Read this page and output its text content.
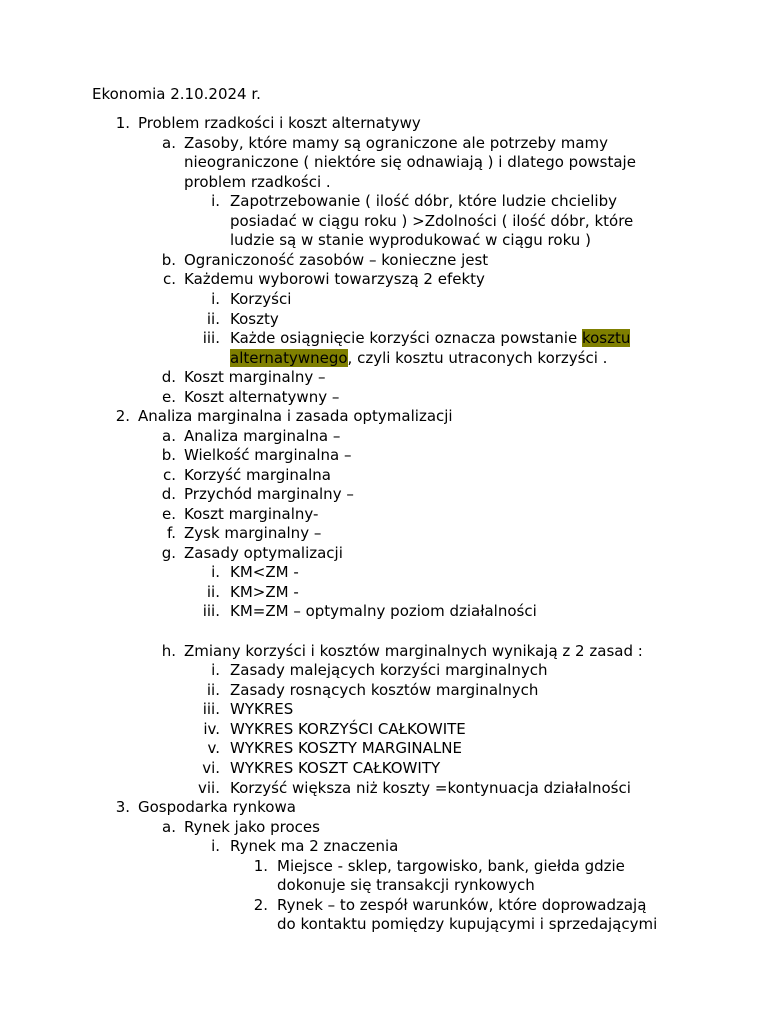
Ekonomia 2.10.2024 r.
1. Problem rzadkości i koszt alternatywy
a. Zasoby, które mamy są ograniczone ale potrzeby mamy
nieograniczone ( niektóre się odnawiają ) i dlatego powstaje
problem rzadkości .
i. Zapotrzebowanie ( ilość dóbr, które ludzie chcieliby
posiadać w ciągu roku ) >Zdolności ( ilość dóbr, które
ludzie są w stanie wyprodukować w ciągu roku )
b. Ograniczoność zasobów – konieczne jest
c. Każdemu wyborowi towarzyszą 2 efekty
i. Korzyści
ii. Koszty
iii. Każde osiągnięcie korzyści oznacza powstanie kosztu
alternatywnego, czyli kosztu utraconych korzyści .
d. Koszt marginalny –
e. Koszt alternatywny –
2. Analiza marginalna i zasada optymalizacji
a. Analiza marginalna –
b. Wielkość marginalna –
c. Korzyść marginalna
d. Przychód marginalny –
e. Koszt marginalny-
f. Zysk marginalny –
g. Zasady optymalizacji
i. KM<ZM -
ii. KM>ZM -
iii. KM=ZM – optymalny poziom działalności
h. Zmiany korzyści i kosztów marginalnych wynikają z 2 zasad :
i. Zasady malejących korzyści marginalnych
ii. Zasady rosnących kosztów marginalnych
iii. WYKRES
iv. WYKRES KORZYŚCI CAŁKOWITE
v. WYKRES KOSZTY MARGINALNE
vi. WYKRES KOSZT CAŁKOWITY
vii. Korzyść większa niż koszty =kontynuacja działalności
3. Gospodarka rynkowa
a. Rynek jako proces
i. Rynek ma 2 znaczenia
1. Miejsce - sklep, targowisko, bank, giełda gdzie
dokonuje się transakcji rynkowych
2. Rynek – to zespół warunków, które doprowadzają
do kontaktu pomiędzy kupującymi i sprzedającymi
